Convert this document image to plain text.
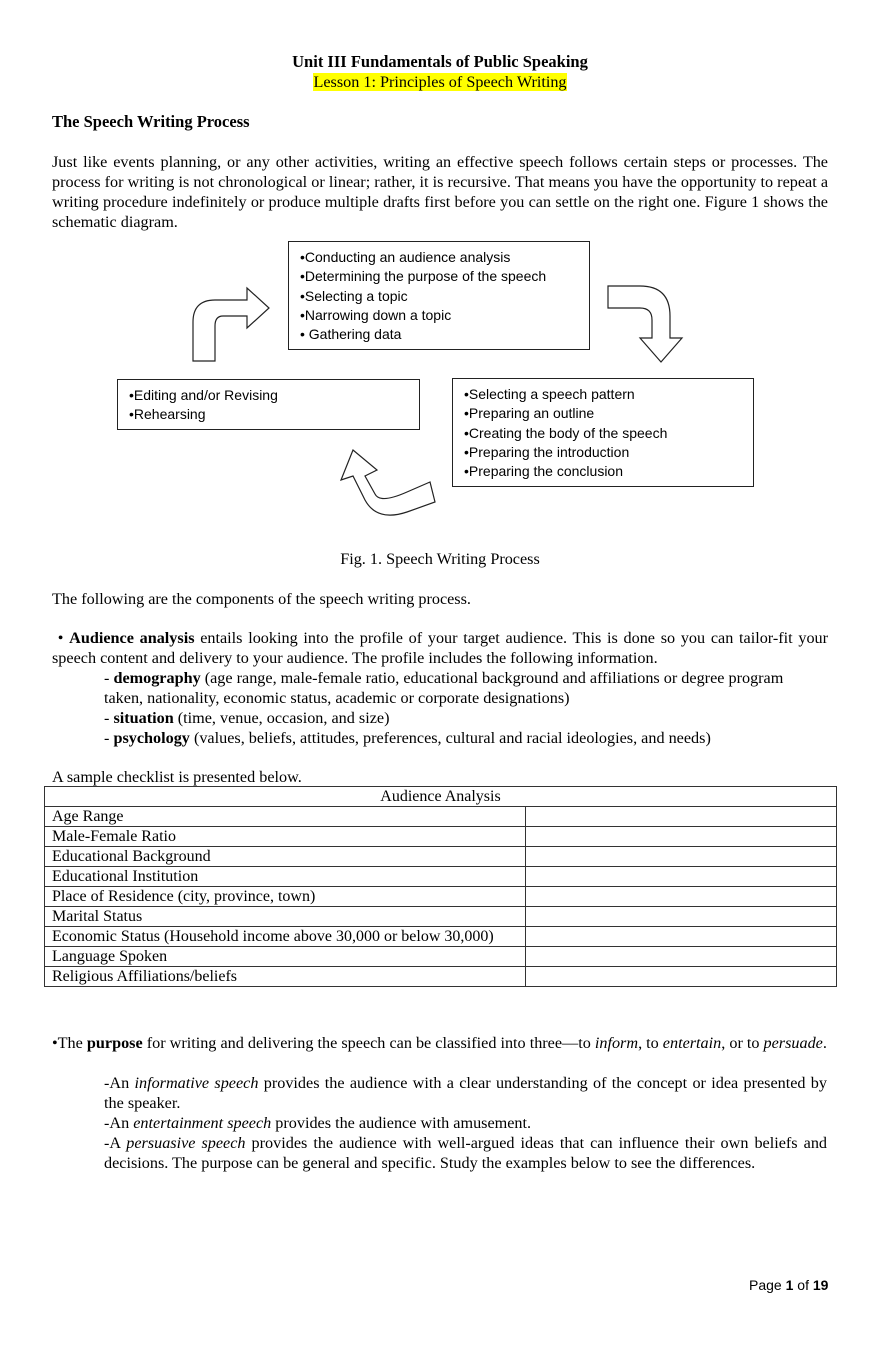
Unit III Fundamentals of Public Speaking
Lesson 1: Principles of Speech Writing
The Speech Writing Process
Just like events planning, or any other activities, writing an effective speech follows certain steps or processes. The process for writing is not chronological or linear; rather, it is recursive. That means you have the opportunity to repeat a writing procedure indefinitely or produce multiple drafts first before you can settle on the right one. Figure 1 shows the schematic diagram.
•Conducting an audience analysis
•Determining the purpose of the speech
•Selecting a topic
•Narrowing down a topic
• Gathering data
•Selecting a speech pattern
•Preparing an outline
•Creating the body of the speech
•Preparing the introduction
•Preparing the conclusion
•Editing and/or Revising
•Rehearsing
Fig. 1. Speech Writing Process
The following are the components of the speech writing process.
• Audience analysis entails looking into the profile of your target audience. This is done so you can tailor-fit your speech content and delivery to your audience. The profile includes the following information.
- demography (age range, male-female ratio, educational background and affiliations or degree program taken, nationality, economic status, academic or corporate designations)
- situation (time, venue, occasion, and size)
- psychology (values, beliefs, attitudes, preferences, cultural and racial ideologies, and needs)
A sample checklist is presented below.
Audience Analysis	
Age Range	
Male-Female Ratio	
Educational Background	
Educational Institution	
Place of Residence (city, province, town)	
Marital Status	
Economic Status (Household income above 30,000 or below 30,000)	
Language Spoken	
Religious Affiliations/beliefs	
•The purpose for writing and delivering the speech can be classified into three—to inform, to entertain, or to persuade.
-An informative speech provides the audience with a clear understanding of the concept or idea presented by the speaker.
-An entertainment speech provides the audience with amusement.
-A persuasive speech provides the audience with well-argued ideas that can influence their own beliefs and decisions. The purpose can be general and specific. Study the examples below to see the differences.
Page 1 of 19
